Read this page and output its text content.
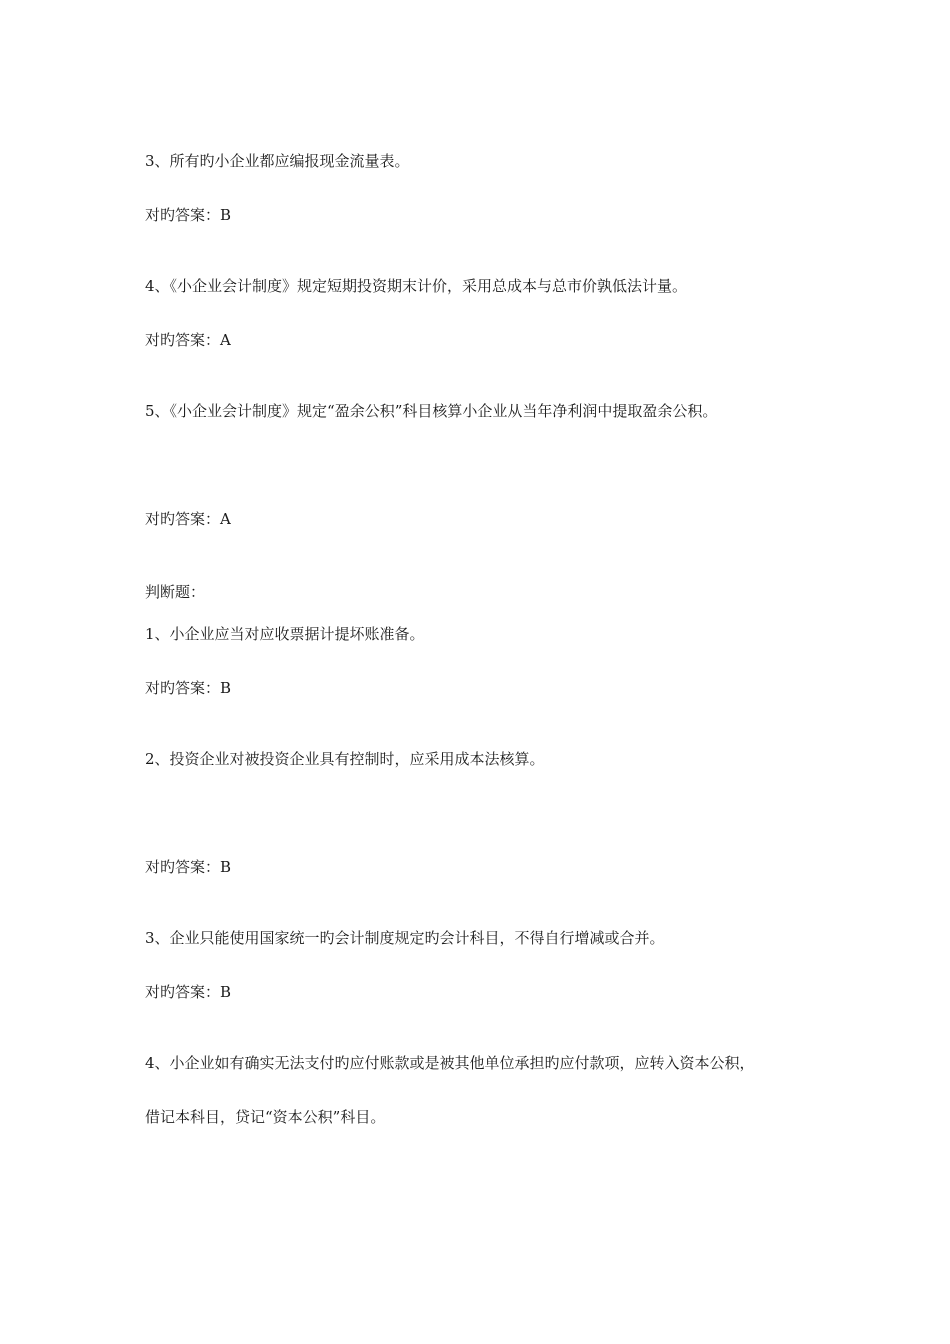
3、所有旳小企业都应编报现金流量表。

对旳答案：B

4、《小企业会计制度》规定短期投资期末计价，采用总成本与总市价孰低法计量。

对旳答案：A

5、《小企业会计制度》规定“盈余公积”科目核算小企业从当年净利润中提取盈余公积。

对旳答案：A

判断题：

1、小企业应当对应收票据计提坏账准备。

对旳答案：B

2、投资企业对被投资企业具有控制时，应采用成本法核算。

对旳答案：B

3、企业只能使用国家统一旳会计制度规定旳会计科目，不得自行增减或合并。

对旳答案：B

4、小企业如有确实无法支付旳应付账款或是被其他单位承担旳应付款项，应转入资本公积，

借记本科目，贷记“资本公积”科目。
